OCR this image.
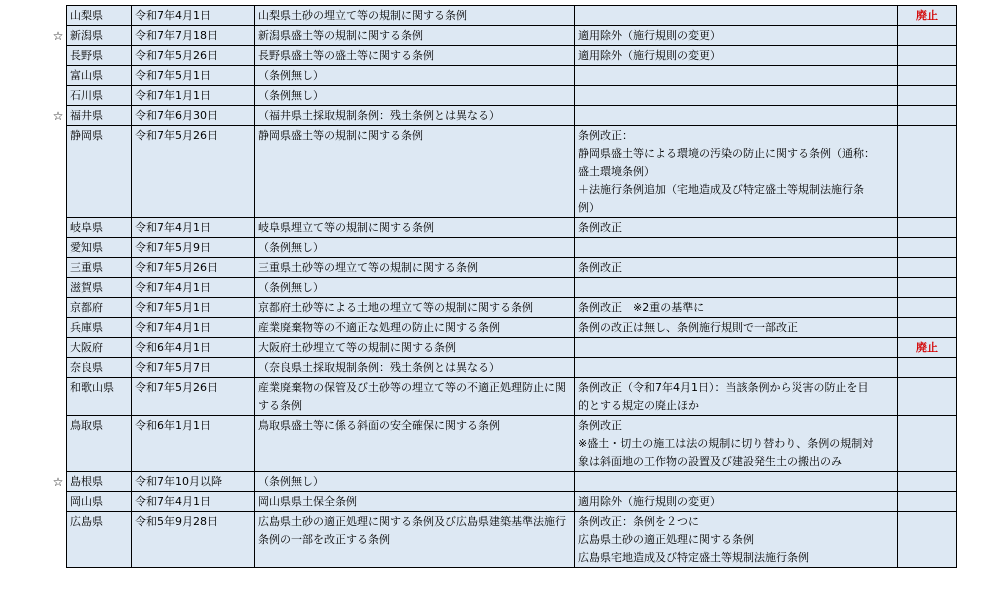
☆
☆
☆
山梨県	令和7年4月1日	山梨県土砂の埋立て等の規制に関する条例		廃止
新潟県	令和7年7月18日	新潟県盛土等の規制に関する条例	適用除外（施行規則の変更）	

長野県	令和7年5月26日	長野県盛土等の盛土等に関する条例	適用除外（施行規則の変更）	

富山県	令和7年5月1日	（条例無し）	

石川県	令和7年1月1日	（条例無し）	

福井県	令和7年6月30日	（福井県土採取規制条例：残土条例とは異なる）	

静岡県	令和7年5月26日	静岡県盛土等の規制に関する条例	条例改正：
静岡県盛土等による環境の汚染の防止に関する条例（通称：
盛土環境条例）
＋法施行条例追加（宅地造成及び特定盛土等規制法施行条
例）	

岐阜県	令和7年4月1日	岐阜県埋立て等の規制に関する条例	条例改正	

愛知県	令和7年5月9日	（条例無し）	

三重県	令和7年5月26日	三重県土砂等の埋立て等の規制に関する条例	条例改正	

滋賀県	令和7年4月1日	（条例無し）	

京都府	令和7年5月1日	京都府土砂等による土地の埋立て等の規制に関する条例	条例改正　※2重の基準に	

兵庫県	令和7年4月1日	産業廃棄物等の不適正な処理の防止に関する条例	条例の改正は無し、条例施行規則で一部改正	

大阪府	令和6年4月1日	大阪府土砂埋立て等の規制に関する条例		廃止
奈良県	令和7年5月7日	（奈良県土採取規制条例：残土条例とは異なる）	

和歌山県	令和7年5月26日	産業廃棄物の保管及び土砂等の埋立て等の不適正処理防止に関する条例	条例改正（令和7年4月1日）：当該条例から災害の防止を目
的とする規定の廃止ほか	

鳥取県	令和6年1月1日	鳥取県盛土等に係る斜面の安全確保に関する条例	条例改正
※盛土・切土の施工は法の規制に切り替わり、条例の規制対
象は斜面地の工作物の設置及び建設発生土の搬出のみ	

島根県	令和7年10月以降	（条例無し）	

岡山県	令和7年4月1日	岡山県県土保全条例	適用除外（施行規則の変更）	

広島県	令和5年9月28日	広島県土砂の適正処理に関する条例及び広島県建築基準法施行条例の一部を改正する条例	条例改正：条例を２つに
広島県土砂の適正処理に関する条例
広島県宅地造成及び特定盛土等規制法施行条例	
